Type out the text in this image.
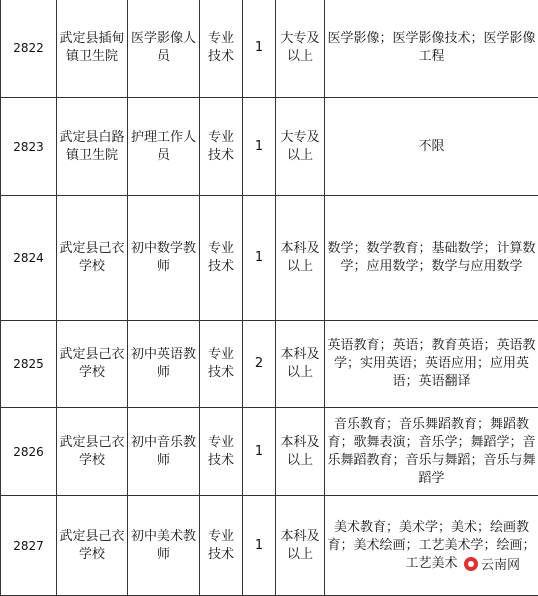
2822	武定县插甸镇卫生院	医学影像人员	专业技术	1	大专及以上	医学影像；医学影像技术；医学影像工程
2823	武定县白路镇卫生院	护理工作人员	专业技术	1	大专及以上	不限
2824	武定县己衣学校	初中数学教师	专业技术	1	本科及以上	数学；数学教育；基础数学；计算数学；应用数学；数学与应用数学
2825	武定县己衣学校	初中英语教师	专业技术	2	本科及以上	英语教育；英语；教育英语；英语教学；实用英语；英语应用；应用英语；英语翻译
2826	武定县己衣学校	初中音乐教师	专业技术	1	本科及以上	音乐教育；音乐舞蹈教育；舞蹈教育；歌舞表演；音乐学；舞蹈学；音乐舞蹈教育；音乐与舞蹈；音乐与舞蹈学
2827	武定县己衣学校	初中美术教师	专业技术	1	本科及以上	美术教育；美术学；美术；绘画教育；美术绘画；工艺美术学；绘画；工艺美术 云南网
